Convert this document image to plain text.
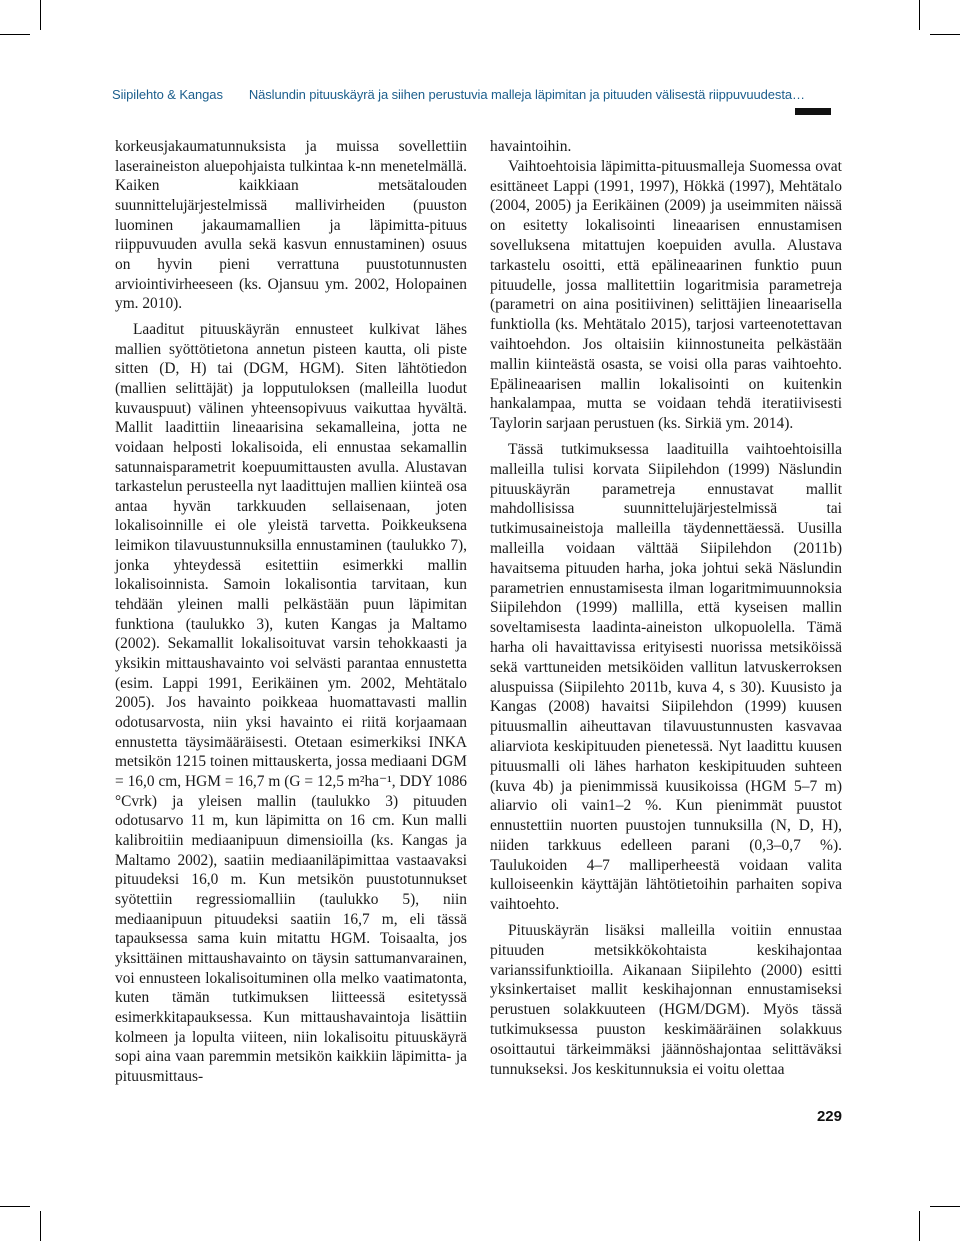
Siipilehto & Kangas Näslundin pituuskäyrä ja siihen perustuvia malleja läpimitan ja pituuden välisestä riippuvuudesta…

korkeusjakaumatunnuksista ja muissa sovellettiin laseraineiston aluepohjaista tulkintaa k-nn menetelmällä. Kaiken kaikkiaan metsätalouden suunnittelujärjestelmissä mallivirheiden (puuston luominen jakaumamallien ja läpimitta-pituus riippuvuuden avulla sekä kasvun ennustaminen) osuus on hyvin pieni verrattuna puustotunnusten arviointivirheeseen (ks. Ojansuu ym. 2002, Holopainen ym. 2010).

Laaditut pituuskäyrän ennusteet kulkivat lähes mallien syöttötietona annetun pisteen kautta, oli piste sitten (D, H) tai (DGM, HGM). Siten lähtötiedon (mallien selittäjät) ja lopputuloksen (malleilla luodut kuvauspuut) välinen yhteensopivuus vaikuttaa hyvältä. Mallit laadittiin lineaarisina sekamalleina, jotta ne voidaan helposti lokalisoida, eli ennustaa sekamallin satunnaisparametrit koepuumittausten avulla. Alustavan tarkastelun perusteella nyt laadittujen mallien kiinteä osa antaa hyvän tarkkuuden sellaisenaan, joten lokalisoinnille ei ole yleistä tarvetta. Poikkeuksena leimikon tilavuustunnuksilla ennustaminen (taulukko 7), jonka yhteydessä esitettiin esimerkki mallin lokalisoinnista. Samoin lokalisontia tarvitaan, kun tehdään yleinen malli pelkästään puun läpimitan funktiona (taulukko 3), kuten Kangas ja Maltamo (2002). Sekamallit lokalisoituvat varsin tehokkaasti ja yksikin mittaushavainto voi selvästi parantaa ennustetta (esim. Lappi 1991, Eerikäinen ym. 2002, Mehtätalo 2005). Jos havainto poikkeaa huomattavasti mallin odotusarvosta, niin yksi havainto ei riitä korjaamaan ennustetta täysimääräisesti. Otetaan esimerkiksi INKA metsikön 1215 toinen mittauskerta, jossa mediaani DGM = 16,0 cm, HGM = 16,7 m (G = 12,5 m²ha⁻¹, DDY 1086 °Cvrk) ja yleisen mallin (taulukko 3) pituuden odotusarvo 11 m, kun läpimitta on 16 cm. Kun malli kalibroitiin mediaanipuun dimensioilla (ks. Kangas ja Maltamo 2002), saatiin mediaaniläpimittaa vastaavaksi pituudeksi 16,0 m. Kun metsikön puustotunnukset syötettiin regressiomalliin (taulukko 5), niin mediaanipuun pituudeksi saatiin 16,7 m, eli tässä tapauksessa sama kuin mitattu HGM. Toisaalta, jos yksittäinen mittaushavainto on täysin sattumanvarainen, voi ennusteen lokalisoituminen olla melko vaatimatonta, kuten tämän tutkimuksen liitteessä esitetyssä esimerkkitapauksessa. Kun mittaushavaintoja lisättiin kolmeen ja lopulta viiteen, niin lokalisoitu pituuskäyrä sopi aina vaan paremmin metsikön kaikkiin läpimitta- ja pituusmittaus-

havaintoihin.

Vaihtoehtoisia läpimitta-pituusmalleja Suomessa ovat esittäneet Lappi (1991, 1997), Hökkä (1997), Mehtätalo (2004, 2005) ja Eerikäinen (2009) ja useimmiten näissä on esitetty lokalisointi lineaarisen ennustamisen sovelluksena mitattujen koepuiden avulla. Alustava tarkastelu osoitti, että epälineaarinen funktio puun pituudelle, jossa mallitettiin logaritmisia parametreja (parametri on aina positiivinen) selittäjien lineaarisella funktiolla (ks. Mehtätalo 2015), tarjosi varteenotettavan vaihtoehdon. Jos oltaisiin kiinnostuneita pelkästään mallin kiinteästä osasta, se voisi olla paras vaihtoehto. Epälineaarisen mallin lokalisointi on kuitenkin hankalampaa, mutta se voidaan tehdä iteratiivisesti Taylorin sarjaan perustuen (ks. Sirkiä ym. 2014).

Tässä tutkimuksessa laadituilla vaihtoehtoisilla malleilla tulisi korvata Siipilehdon (1999) Näslundin pituuskäyrän parametreja ennustavat mallit mahdollisissa suunnittelujärjestelmissä tai tutkimusaineistoja malleilla täydennettäessä. Uusilla malleilla voidaan välttää Siipilehdon (2011b) havaitsema pituuden harha, joka johtui sekä Näslundin parametrien ennustamisesta ilman logaritmimuunnoksia Siipilehdon (1999) mallilla, että kyseisen mallin soveltamisesta laadinta-aineiston ulkopuolella. Tämä harha oli havaittavissa erityisesti nuorissa metsiköissä sekä varttuneiden metsiköiden vallitun latvuskerroksen aluspuissa (Siipilehto 2011b, kuva 4, s 30). Kuusisto ja Kangas (2008) havaitsi Siipilehdon (1999) kuusen pituusmallin aiheuttavan tilavuustunnusten kasvavaa aliarviota keskipituuden pienetessä. Nyt laadittu kuusen pituusmalli oli lähes harhaton keskipituuden suhteen (kuva 4b) ja pienimmissä kuusikoissa (HGM 5–7 m) aliarvio oli vain1–2 %. Kun pienimmät puustot ennustettiin nuorten puustojen tunnuksilla (N, D, H), niiden tarkkuus edelleen parani (0,3–0,7 %). Taulukoiden 4–7 malliperheestä voidaan valita kulloiseenkin käyttäjän lähtötietoihin parhaiten sopiva vaihtoehto.

Pituuskäyrän lisäksi malleilla voitiin ennustaa pituuden metsikkökohtaista keskihajontaa varianssifunktioilla. Aikanaan Siipilehto (2000) esitti yksinkertaiset mallit keskihajonnan ennustamiseksi perustuen solakkuuteen (HGM/DGM). Myös tässä tutkimuksessa puuston keskimääräinen solakkuus osoittautui tärkeimmäksi jäännöshajontaa selittäväksi tunnukseksi. Jos keskitunnuksia ei voitu olettaa

229
